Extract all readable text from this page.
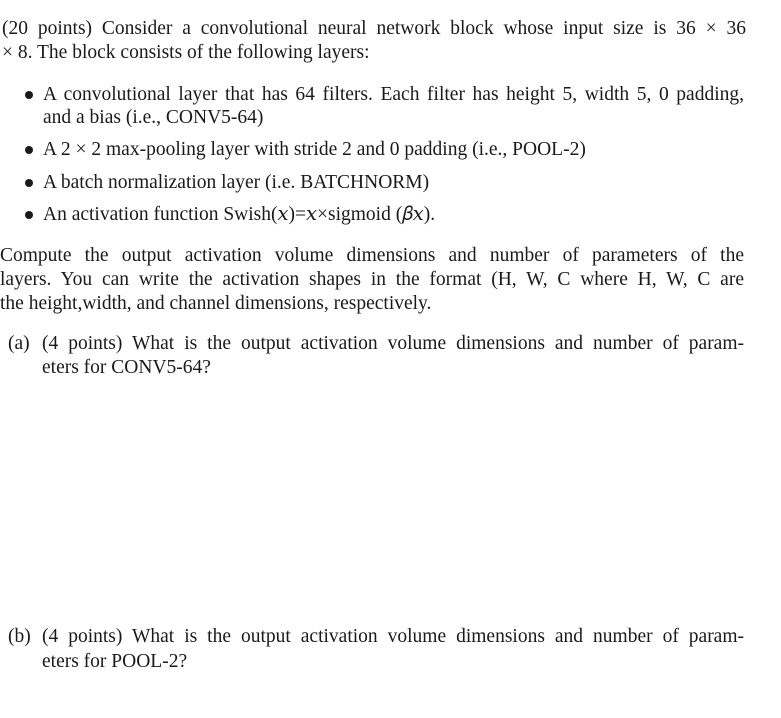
(20 points) Consider a convolutional neural network block whose input size is 36 × 36
× 8. The block consists of the following layers:
A convolutional layer that has 64 filters. Each filter has height 5, width 5, 0 padding,
and a bias (i.e., CONV5-64)
A 2 × 2 max-pooling layer with stride 2 and 0 padding (i.e., POOL-2)
A batch normalization layer (i.e. BATCHNORM)
An activation function Swish(𝑥)=𝑥×sigmoid (𝛽𝑥).
Compute the output activation volume dimensions and number of parameters of the
layers. You can write the activation shapes in the format (H, W, C where H, W, C are
the height,width, and channel dimensions, respectively.
(a) (4 points) What is the output activation volume dimensions and number of param-
eters for CONV5-64?
(b) (4 points) What is the output activation volume dimensions and number of param-
eters for POOL-2?
